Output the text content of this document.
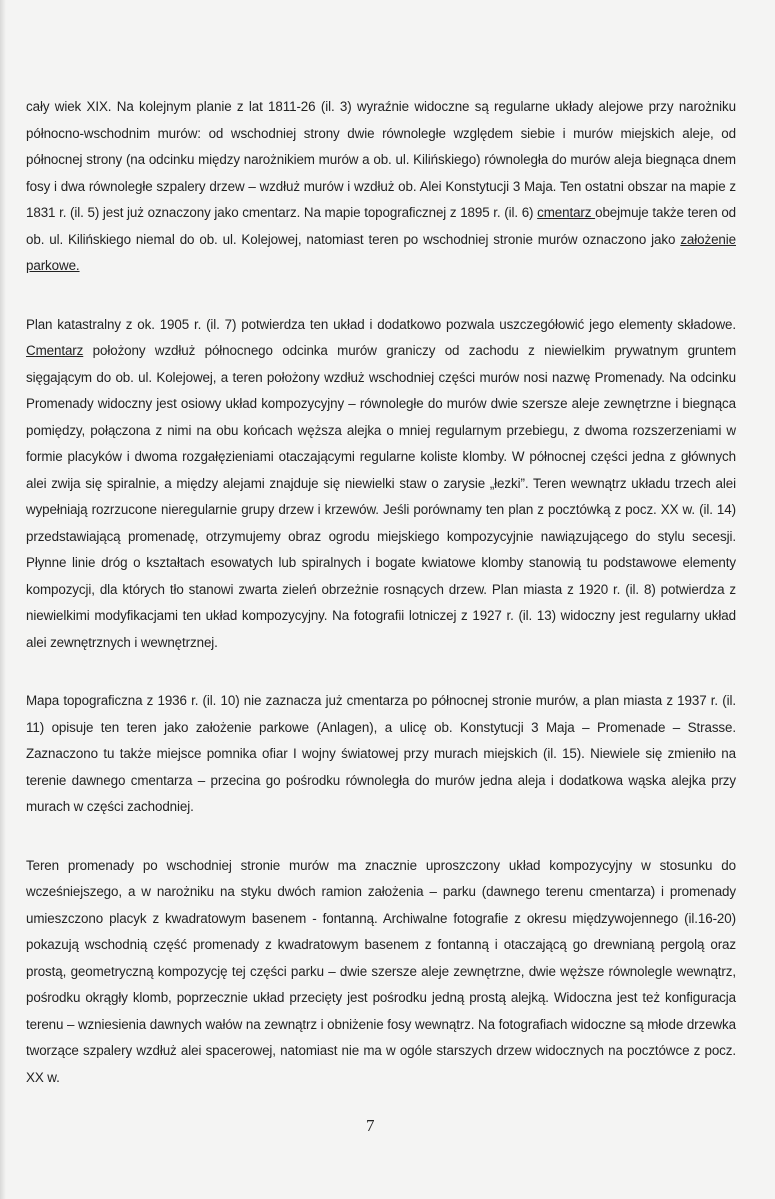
cały wiek XIX. Na kolejnym planie z lat 1811-26 (il. 3) wyraźnie widoczne są regularne układy alejowe przy narożniku północno-wschodnim murów: od wschodniej strony dwie równoległe względem siebie i murów miejskich aleje, od północnej strony (na odcinku między narożnikiem murów a ob. ul. Kilińskiego) równoległa do murów aleja biegnąca dnem fosy i dwa równoległe szpalery drzew – wzdłuż murów i wzdłuż ob. Alei Konstytucji 3 Maja. Ten ostatni obszar na mapie z 1831 r. (il. 5) jest już oznaczony jako cmentarz. Na mapie topograficznej z 1895 r. (il. 6) cmentarz obejmuje także teren od ob. ul. Kilińskiego niemal do ob. ul. Kolejowej, natomiast teren po wschodniej stronie murów oznaczono jako założenie parkowe.

Plan katastralny z ok. 1905 r. (il. 7) potwierdza ten układ i dodatkowo pozwala uszczegółowić jego elementy składowe. Cmentarz położony wzdłuż północnego odcinka murów graniczy od zachodu z niewielkim prywatnym gruntem sięgającym do ob. ul. Kolejowej, a teren położony wzdłuż wschodniej części murów nosi nazwę Promenady. Na odcinku Promenady widoczny jest osiowy układ kompozycyjny – równoległe do murów dwie szersze aleje zewnętrzne i biegnąca pomiędzy, połączona z nimi na obu końcach węższa alejka o mniej regularnym przebiegu, z dwoma rozszerzeniami w formie placyków i dwoma rozgałęzieniami otaczającymi regularne koliste klomby. W północnej części jedna z głównych alei zwija się spiralnie, a między alejami znajduje się niewielki staw o zarysie „łezki”. Teren wewnątrz układu trzech alei wypełniają rozrzucone nieregularnie grupy drzew i krzewów. Jeśli porównamy ten plan z pocztówką z pocz. XX w. (il. 14) przedstawiającą promenadę, otrzymujemy obraz ogrodu miejskiego kompozycyjnie nawiązującego do stylu secesji. Płynne linie dróg o kształtach esowatych lub spiralnych i bogate kwiatowe klomby stanowią tu podstawowe elementy kompozycji, dla których tło stanowi zwarta zieleń obrzeżnie rosnących drzew. Plan miasta z 1920 r. (il. 8) potwierdza z niewielkimi modyfikacjami ten układ kompozycyjny. Na fotografii lotniczej z 1927 r. (il. 13) widoczny jest regularny układ alei zewnętrznych i wewnętrznej.

Mapa topograficzna z 1936 r. (il. 10) nie zaznacza już cmentarza po północnej stronie murów, a plan miasta z 1937 r. (il. 11) opisuje ten teren jako założenie parkowe (Anlagen), a ulicę ob. Konstytucji 3 Maja – Promenade – Strasse. Zaznaczono tu także miejsce pomnika ofiar I wojny światowej przy murach miejskich (il. 15). Niewiele się zmieniło na terenie dawnego cmentarza – przecina go pośrodku równoległa do murów jedna aleja i dodatkowa wąska alejka przy murach w części zachodniej.

Teren promenady po wschodniej stronie murów ma znacznie uproszczony układ kompozycyjny w stosunku do wcześniejszego, a w narożniku na styku dwóch ramion założenia – parku (dawnego terenu cmentarza) i promenady umieszczono placyk z kwadratowym basenem - fontanną. Archiwalne fotografie z okresu międzywojennego (il.16-20) pokazują wschodnią część promenady z kwadratowym basenem z fontanną i otaczającą go drewnianą pergolą oraz prostą, geometryczną kompozycję tej części parku – dwie szersze aleje zewnętrzne, dwie węższe równolegle wewnątrz, pośrodku okrągły klomb, poprzecznie układ przecięty jest pośrodku jedną prostą alejką. Widoczna jest też konfiguracja terenu – wzniesienia dawnych wałów na zewnątrz i obniżenie fosy wewnątrz. Na fotografiach widoczne są młode drzewka tworzące szpalery wzdłuż alei spacerowej, natomiast nie ma w ogóle starszych drzew widocznych na pocztówce z pocz. XX w.

7
